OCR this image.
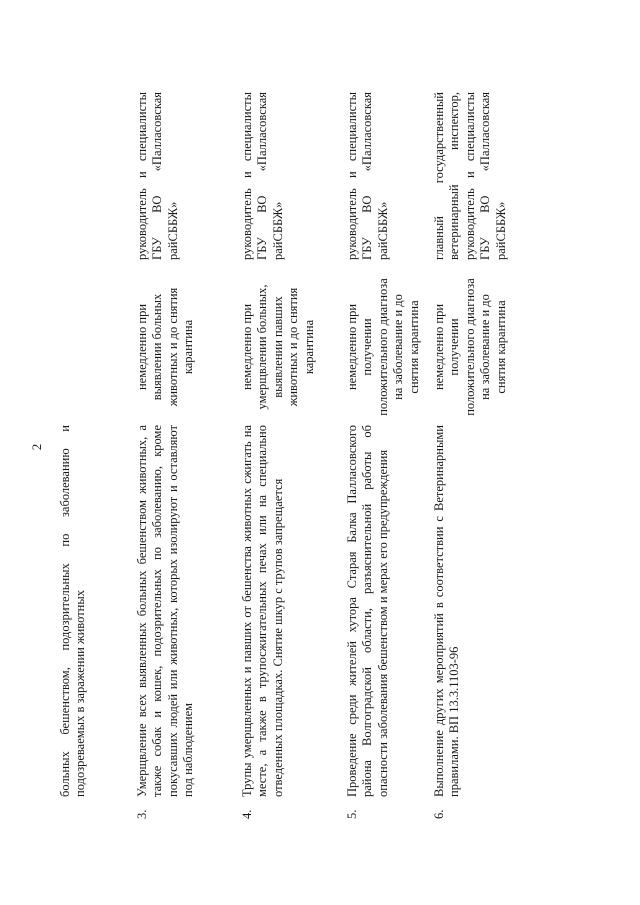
2 больных бешенством, подозрительных по заболеванию и подозреваемых в заражении животных
3.
Умерщвление всех выявленных больных бешенством животных, а также собак и кошек, подозрительных по заболеванию, кроме покусавших людей или животных, которых изолируют и оставляют под наблюдением
немедленно при выявлении больных животных и до снятия карантина
руководитель и специалисты ГБУ ВО «Палласовская райСББЖ»
4.
Трупы умерщвленных и павших от бешенства животных сжигать на месте, а также в трупосжигательных печах или на специально отведенных площадках. Снятие шкур с трупов запрещается
немедленно при умерщвлении больных, выявлении павших животных и до снятия карантина
руководитель и специалисты ГБУ ВО «Палласовская райСББЖ»
5.
Проведение среди жителей хутора Старая Балка Палласовского района Волгоградской области, разъяснительной работы об опасности заболевания бешенством и мерах его предупреждения
немедленно при получении положительного диагноза на заболевание и до снятия карантина
руководитель и специалисты ГБУ ВО «Палласовская райСББЖ»
6.
Выполнение других мероприятий в соответствии с Ветеринарными правилами. ВП 13.3.1103-96
немедленно при получении положительного диагноза на заболевание и до снятия карантина
главный государственный ветеринарный инспектор, руководитель и специалисты ГБУ ВО «Палласовская райСББЖ»
